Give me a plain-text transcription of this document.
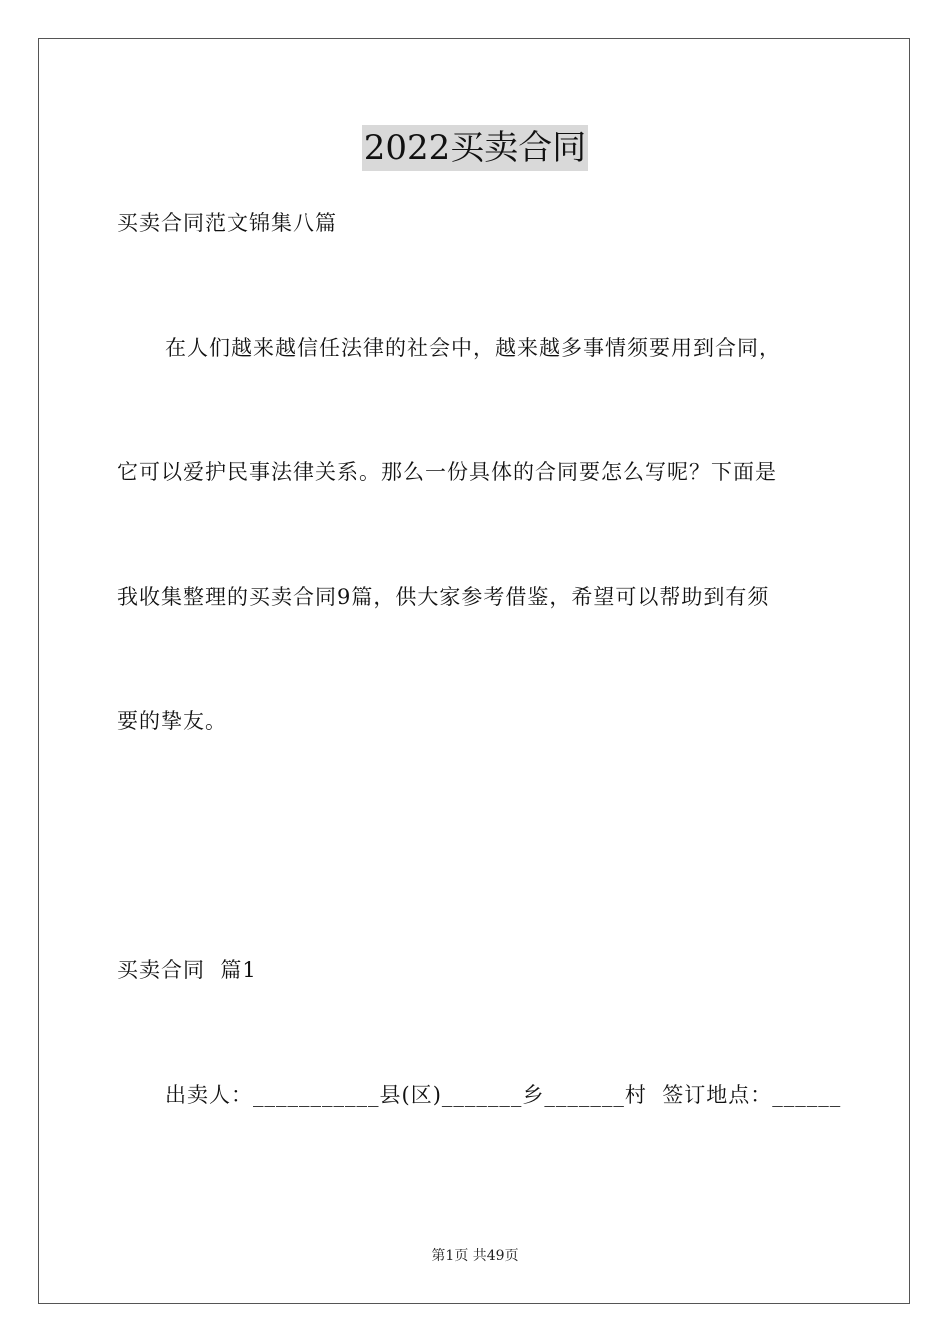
2022买卖合同
买卖合同范文锦集八篇
在人们越来越信任法律的社会中，越来越多事情须要用到合同，
它可以爱护民事法律关系。那么一份具体的合同要怎么写呢？下面是
我收集整理的买卖合同9篇，供大家参考借鉴，希望可以帮助到有须
要的挚友。
买卖合同  篇1
出卖人：___________县(区)_______乡_______村  签订地点：______
第1页 共49页
